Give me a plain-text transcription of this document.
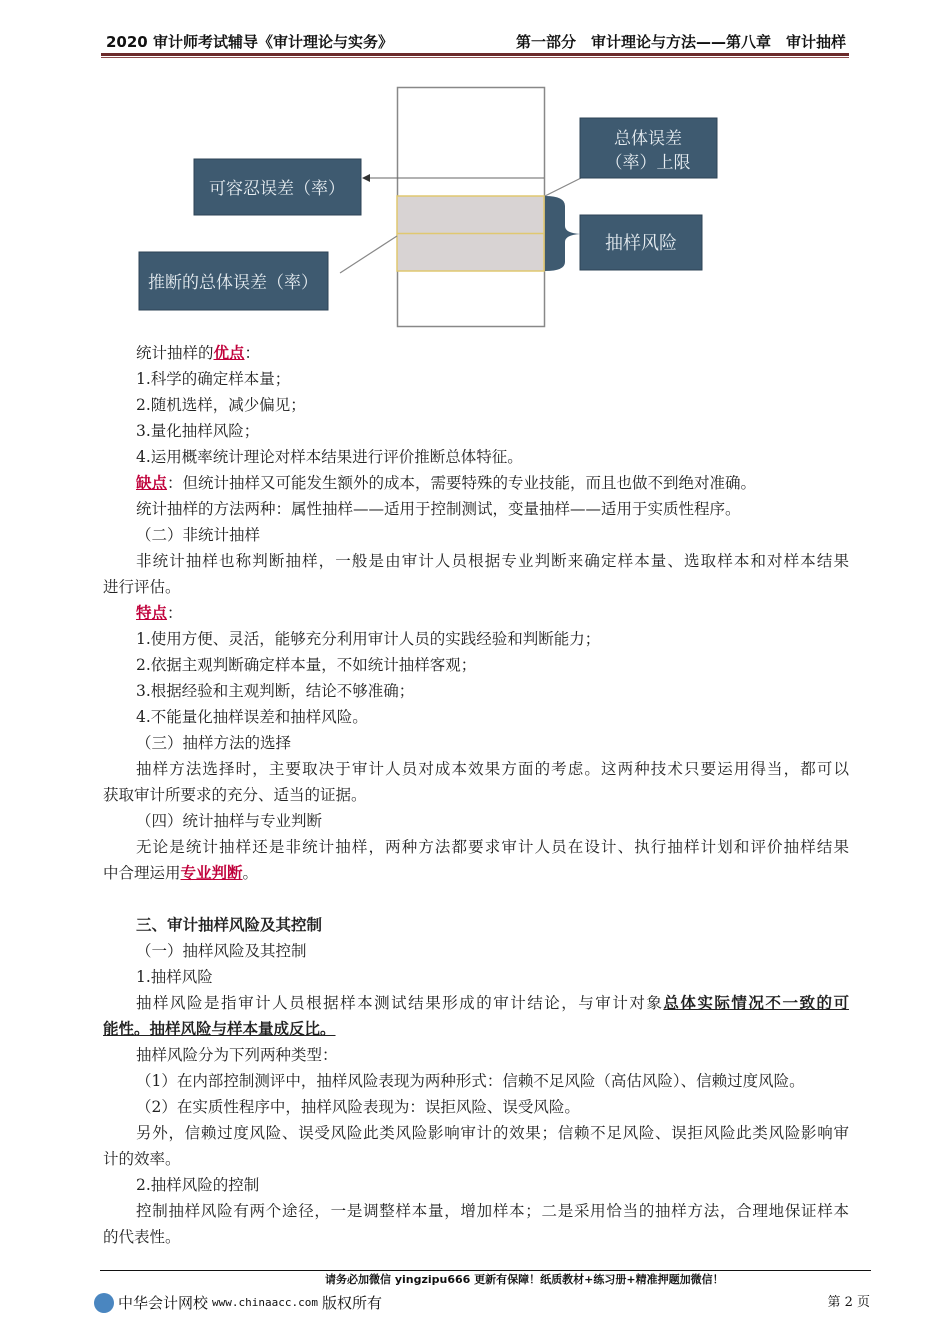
2020 审计师考试辅导《审计理论与实务》	第一部分　审计理论与方法——第八章　审计抽样
可容忍误差（率）
总体误差
（率）上限
抽样风险
推断的总体误差（率）
统计抽样的优点：
1.科学的确定样本量；
2.随机选样，减少偏见；
3.量化抽样风险；
4.运用概率统计理论对样本结果进行评价推断总体特征。
缺点：但统计抽样又可能发生额外的成本，需要特殊的专业技能，而且也做不到绝对准确。
统计抽样的方法两种：属性抽样——适用于控制测试，变量抽样——适用于实质性程序。
（二）非统计抽样
非统计抽样也称判断抽样，一般是由审计人员根据专业判断来确定样本量、选取样本和对样本结果
进行评估。
特点：
1.使用方便、灵活，能够充分利用审计人员的实践经验和判断能力；
2.依据主观判断确定样本量，不如统计抽样客观；
3.根据经验和主观判断，结论不够准确；
4.不能量化抽样误差和抽样风险。
（三）抽样方法的选择
抽样方法选择时，主要取决于审计人员对成本效果方面的考虑。这两种技术只要运用得当，都可以
获取审计所要求的充分、适当的证据。
（四）统计抽样与专业判断
无论是统计抽样还是非统计抽样，两种方法都要求审计人员在设计、执行抽样计划和评价抽样结果
中合理运用专业判断。
三、审计抽样风险及其控制
（一）抽样风险及其控制
1.抽样风险
抽样风险是指审计人员根据样本测试结果形成的审计结论，与审计对象总体实际情况不一致的可
能性。抽样风险与样本量成反比。
抽样风险分为下列两种类型：
（1）在内部控制测评中，抽样风险表现为两种形式：信赖不足风险（高估风险）、信赖过度风险。
（2）在实质性程序中，抽样风险表现为：误拒风险、误受风险。
另外，信赖过度风险、误受风险此类风险影响审计的效果；信赖不足风险、误拒风险此类风险影响审
计的效率。
2.抽样风险的控制
控制抽样风险有两个途径，一是调整样本量，增加样本；二是采用恰当的抽样方法，合理地保证样本
的代表性。
请务必加微信 yingzipu666 更新有保障！纸质教材+练习册+精准押题加微信！
中华会计网校 www.chinaacc.com 版权所有	第 2 页
